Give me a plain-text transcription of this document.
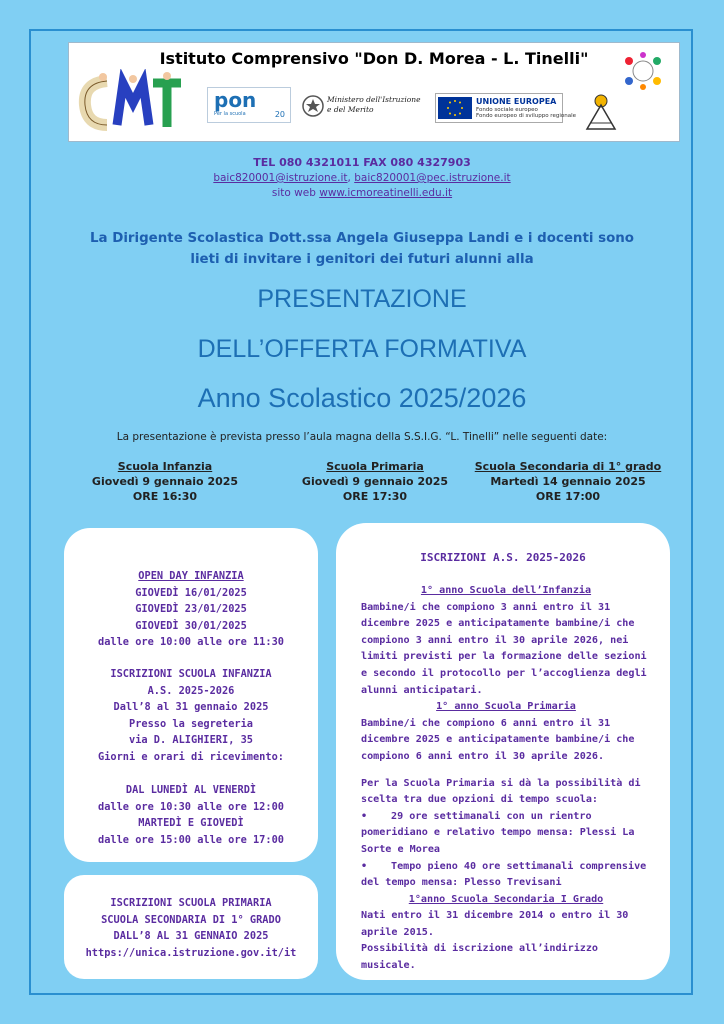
Istituto Comprensivo "Don D. Morea - L. Tinelli"
pon
Per la scuola	20
Ministero dell'Istruzione
e del Merito
UNIONE EUROPEA
Fondo sociale europeo
Fondo europeo di sviluppo regionale
TEL 080 4321011 FAX 080 4327903
baic820001@istruzione.it, baic820001@pec.istruzione.it
sito web www.icmoreatinelli.edu.it
La Dirigente Scolastica Dott.ssa Angela Giuseppa Landi e i docenti sono
lieti di invitare i genitori dei futuri alunni alla
PRESENTAZIONE
DELL’OFFERTA FORMATIVA
Anno Scolastico 2025/2026
La presentazione è prevista presso l’aula magna della S.S.I.G. “L. Tinelli” nelle seguenti date:
Scuola Infanzia
Giovedì 9 gennaio 2025
ORE 16:30
Scuola Primaria
Giovedì 9 gennaio 2025
ORE 17:30
Scuola Secondaria di 1° grado
Martedì 14 gennaio 2025
ORE 17:00
OPEN DAY INFANZIA
GIOVEDÌ 16/01/2025
GIOVEDÌ 23/01/2025
GIOVEDÌ 30/01/2025
dalle ore 10:00 alle ore 11:30
ISCRIZIONI SCUOLA INFANZIA
A.S. 2025-2026
Dall’8 al 31 gennaio 2025
Presso la segreteria
via D. ALIGHIERI, 35
Giorni e orari di ricevimento:
DAL LUNEDÌ AL VENERDÌ
dalle ore 10:30 alle ore 12:00
MARTEDÌ E GIOVEDÌ
dalle ore 15:00 alle ore 17:00
ISCRIZIONI SCUOLA PRIMARIA
SCUOLA SECONDARIA DI 1° GRADO
DALL’8 AL 31 GENNAIO 2025
https://unica.istruzione.gov.it/it
ISCRIZIONI A.S. 2025-2026
1° anno Scuola dell’Infanzia
Bambine/i che compiono 3 anni entro il 31 dicembre 2025 e anticipatamente bambine/i che compiono 3 anni entro il 30 aprile 2026, nei limiti previsti per la formazione delle sezioni e secondo il protocollo per l’accoglienza degli alunni anticipatari.
1° anno Scuola Primaria
Bambine/i che compiono 6 anni entro il 31 dicembre 2025 e anticipatamente bambine/i che compiono 6 anni entro il 30 aprile 2026.
Per la Scuola Primaria si dà la possibilità di scelta tra due opzioni di tempo scuola:
• 29 ore settimanali con un rientro pomeridiano e relativo tempo mensa: Plessi La Sorte e Morea
• Tempo pieno 40 ore settimanali comprensive del tempo mensa: Plesso Trevisani
1°anno Scuola Secondaria I Grado
Nati entro il 31 dicembre 2014 o entro il 30 aprile 2015.
Possibilità di iscrizione all’indirizzo musicale.
